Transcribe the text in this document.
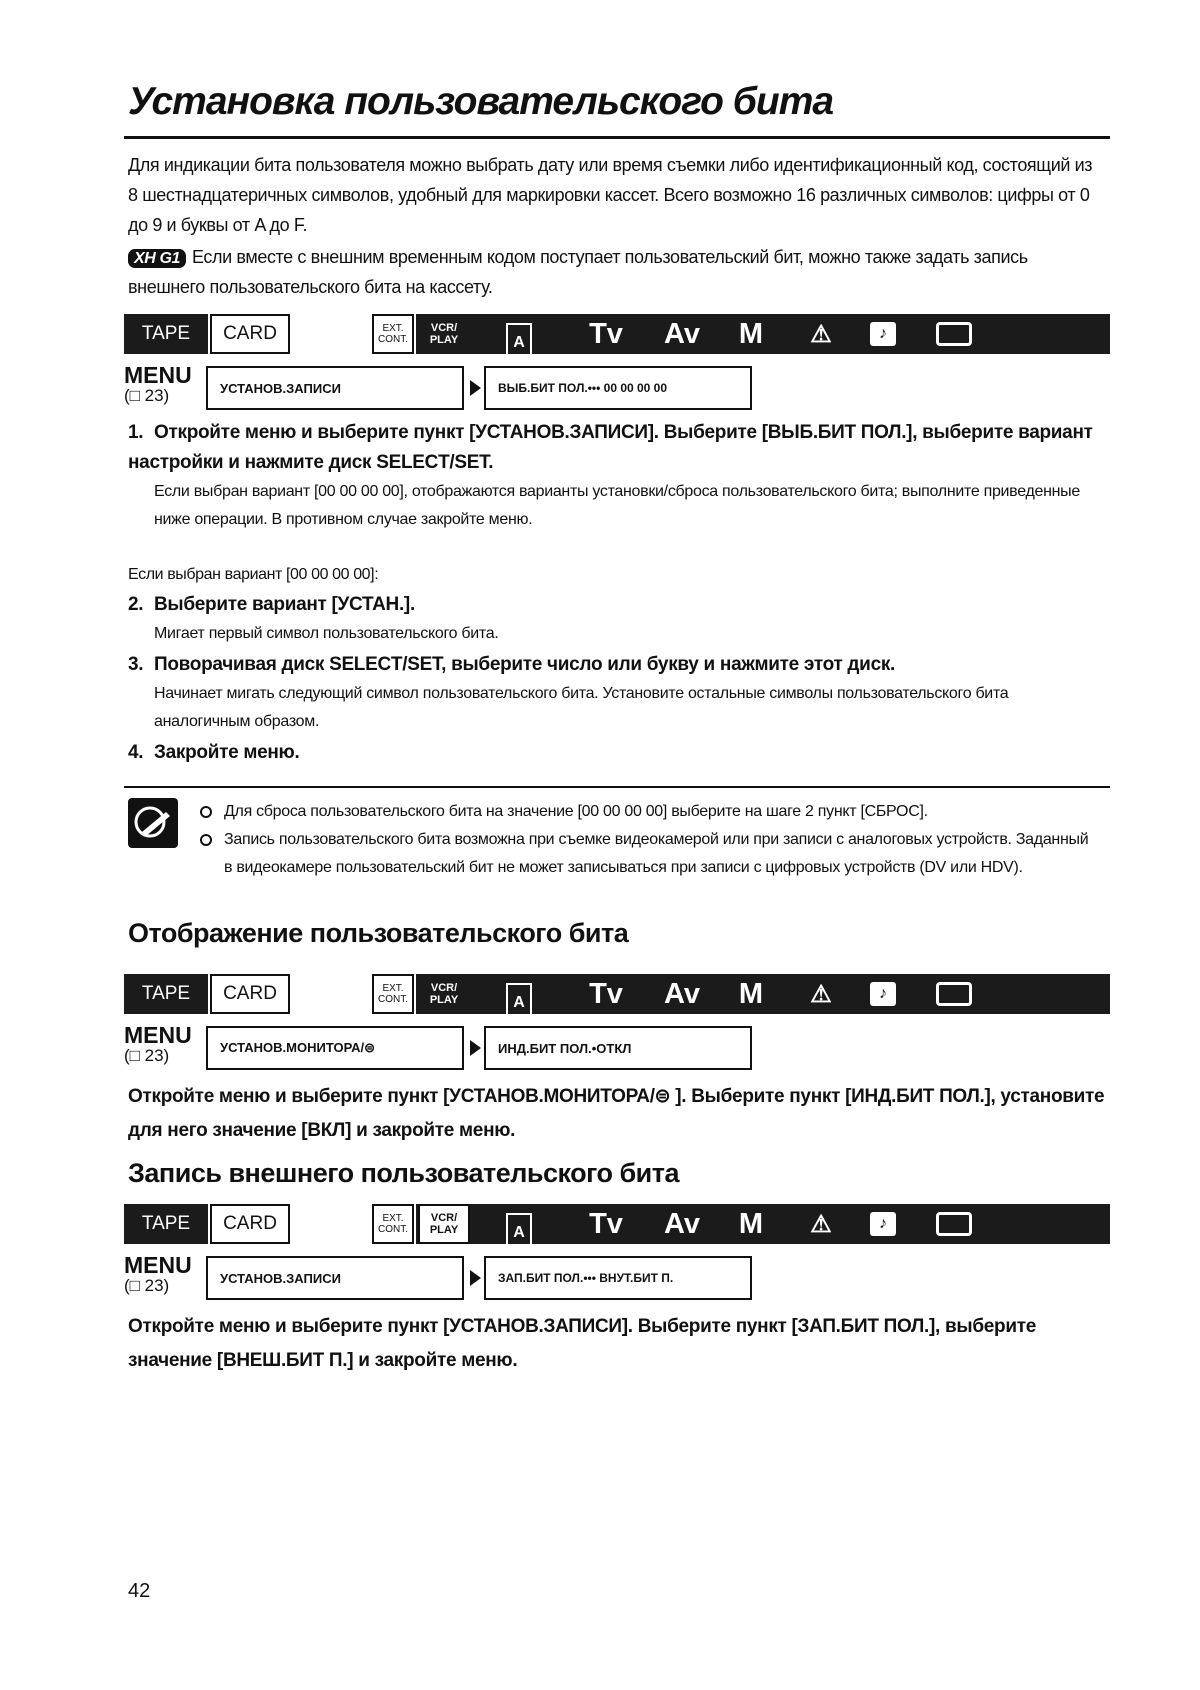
Установка пользовательского бита
Для индикации бита пользователя можно выбрать дату или время съемки либо идентификационный код, состоящий из 8 шестнадцатеричных символов, удобный для маркировки кассет. Всего возможно 16 различных символов: цифры от 0 до 9 и буквы от A до F.
XH G1 Если вместе с внешним временным кодом поступает пользовательский бит, можно также задать запись внешнего пользовательского бита на кассету.
TAPE	CARD	EXT.
CONT.
VCR/
PLAY	A	Tv	Av	M	⚠	♪
MENU
(□ 23)	УСТАНОВ.ЗАПИСИ	ВЫБ.БИТ ПОЛ.••• 00 00 00 00
1. Откройте меню и выберите пункт [УСТАНОВ.ЗАПИСИ]. Выберите [ВЫБ.БИТ ПОЛ.], выберите вариант настройки и нажмите диск SELECT/SET.
Если выбран вариант [00 00 00 00], отображаются варианты установки/сброса пользовательского бита; выполните приведенные ниже операции. В противном случае закройте меню.
Если выбран вариант [00 00 00 00]:
2. Выберите вариант [УСТАН.].
Мигает первый символ пользовательского бита.
3. Поворачивая диск SELECT/SET, выберите число или букву и нажмите этот диск.
Начинает мигать следующий символ пользовательского бита. Установите остальные символы пользовательского бита аналогичным образом.
4. Закройте меню.
Для сброса пользовательского бита на значение [00 00 00 00] выберите на шаге 2 пункт [СБРОС].
Запись пользовательского бита возможна при съемке видеокамерой или при записи с аналоговых устройств. Заданный в видеокамере пользовательский бит не может записываться при записи с цифровых устройств (DV или HDV).
Отображение пользовательского бита
TAPE	CARD	EXT.
CONT.
VCR/
PLAY	A	Tv	Av	M	⚠	♪
MENU
(□ 23)	УСТАНОВ.МОНИТОРА/⊜	ИНД.БИТ ПОЛ.•ОТКЛ
Откройте меню и выберите пункт [УСТАНОВ.МОНИТОРА/⊜ ]. Выберите пункт [ИНД.БИТ ПОЛ.], установите для него значение [ВКЛ] и закройте меню.
Запись внешнего пользовательского бита
TAPE	CARD	EXT.
CONT.
VCR/
PLAY	A	Tv	Av	M	⚠	♪
MENU
(□ 23)	УСТАНОВ.ЗАПИСИ	ЗАП.БИТ ПОЛ.••• ВНУТ.БИТ П.
Откройте меню и выберите пункт [УСТАНОВ.ЗАПИСИ]. Выберите пункт [ЗАП.БИТ ПОЛ.], выберите значение [ВНЕШ.БИТ П.] и закройте меню.
42
